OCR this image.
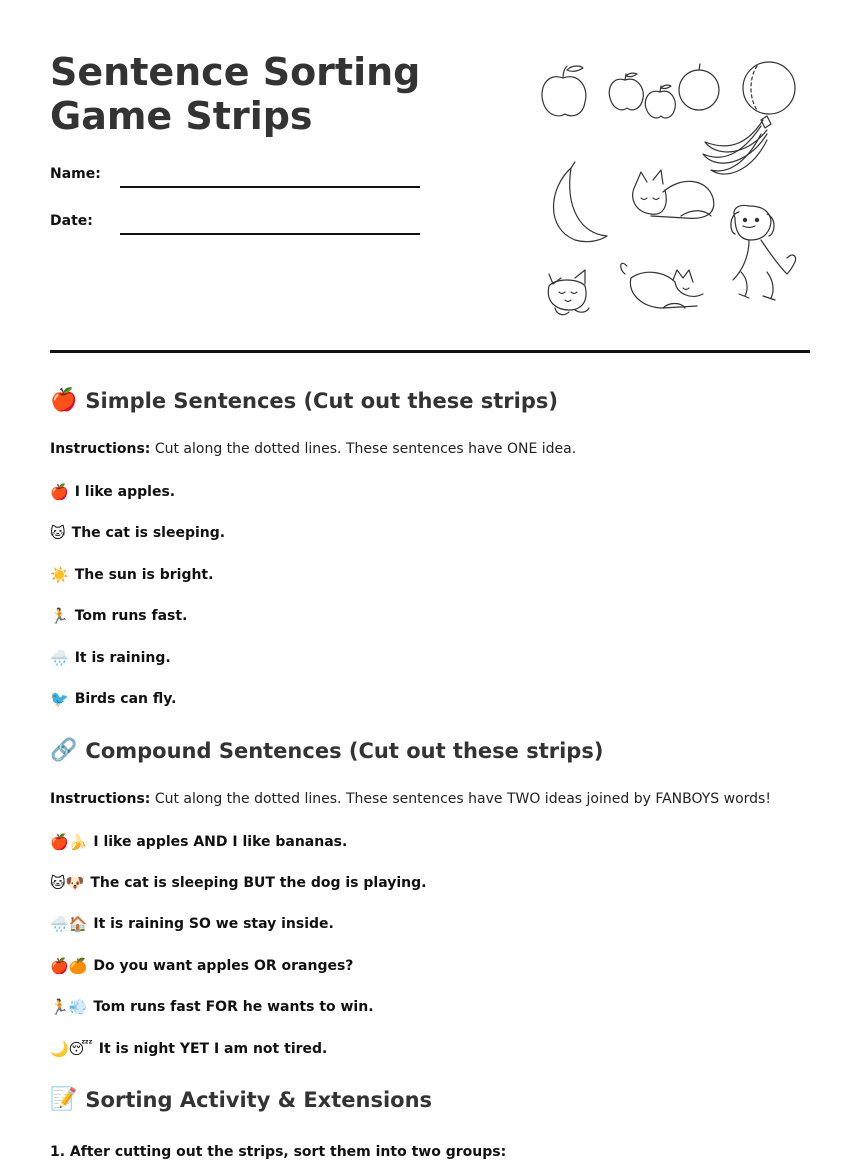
Sentence Sorting Game Strips
Name:
Date:
🍎 Simple Sentences (Cut out these strips)
Instructions: Cut along the dotted lines. These sentences have ONE idea.
🍎 I like apples.
🐱 The cat is sleeping.
☀️ The sun is bright.
🏃 Tom runs fast.
🌧️ It is raining.
🐦 Birds can fly.
🔗 Compound Sentences (Cut out these strips)
Instructions: Cut along the dotted lines. These sentences have TWO ideas joined by FANBOYS words!
🍎🍌 I like apples AND I like bananas.
🐱🐶 The cat is sleeping BUT the dog is playing.
🌧️🏠 It is raining SO we stay inside.
🍎🍊 Do you want apples OR oranges?
🏃💨 Tom runs fast FOR he wants to win.
🌙😴 It is night YET I am not tired.
📝 Sorting Activity & Extensions
1. After cutting out the strips, sort them into two groups:
